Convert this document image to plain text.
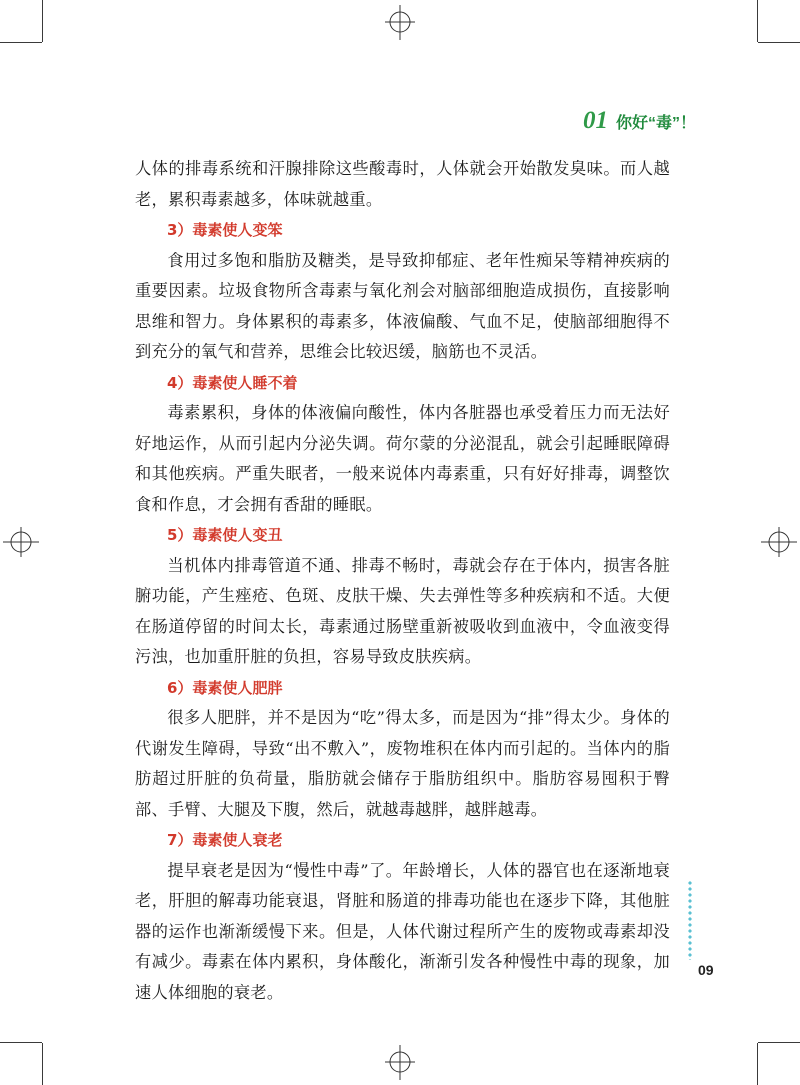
01 你好“毒”！

人体的排毒系统和汗腺排除这些酸毒时，人体就会开始散发臭味。而人越老，累积毒素越多，体味就越重。

3）毒素使人变笨

食用过多饱和脂肪及糖类，是导致抑郁症、老年性痴呆等精神疾病的重要因素。垃圾食物所含毒素与氧化剂会对脑部细胞造成损伤，直接影响思维和智力。身体累积的毒素多，体液偏酸、气血不足，使脑部细胞得不到充分的氧气和营养，思维会比较迟缓，脑筋也不灵活。

4）毒素使人睡不着

毒素累积，身体的体液偏向酸性，体内各脏器也承受着压力而无法好好地运作，从而引起内分泌失调。荷尔蒙的分泌混乱，就会引起睡眠障碍和其他疾病。严重失眠者，一般来说体内毒素重，只有好好排毒，调整饮食和作息，才会拥有香甜的睡眠。

5）毒素使人变丑

当机体内排毒管道不通、排毒不畅时，毒就会存在于体内，损害各脏腑功能，产生痤疮、色斑、皮肤干燥、失去弹性等多种疾病和不适。大便在肠道停留的时间太长，毒素通过肠壁重新被吸收到血液中，令血液变得污浊，也加重肝脏的负担，容易导致皮肤疾病。

6）毒素使人肥胖

很多人肥胖，并不是因为“吃”得太多，而是因为“排”得太少。身体的代谢发生障碍，导致“出不敷入”，废物堆积在体内而引起的。当体内的脂肪超过肝脏的负荷量，脂肪就会储存于脂肪组织中。脂肪容易囤积于臀部、手臂、大腿及下腹，然后，就越毒越胖，越胖越毒。

7）毒素使人衰老

提早衰老是因为“慢性中毒”了。年龄增长，人体的器官也在逐渐地衰老，肝胆的解毒功能衰退，肾脏和肠道的排毒功能也在逐步下降，其他脏器的运作也渐渐缓慢下来。但是，人体代谢过程所产生的废物或毒素却没有减少。毒素在体内累积，身体酸化，渐渐引发各种慢性中毒的现象，加速人体细胞的衰老。

09
